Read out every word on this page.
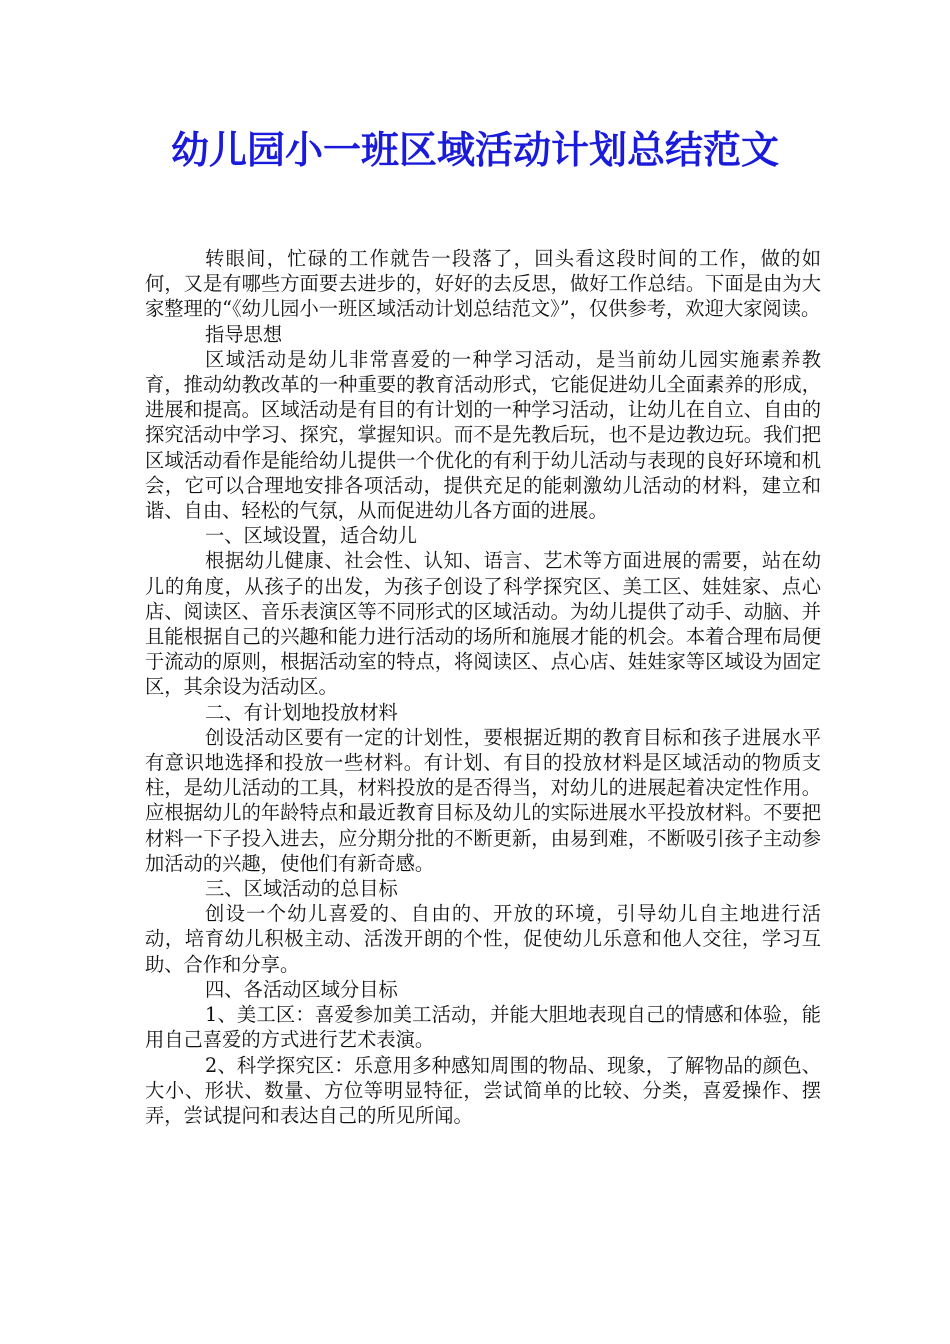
幼儿园小一班区域活动计划总结范文

转眼间，忙碌的工作就告一段落了，回头看这段时间的工作，做的如何，又是有哪些方面要去进步的，好好的去反思，做好工作总结。下面是由为大家整理的“《幼儿园小一班区域活动计划总结范文》”，仅供参考，欢迎大家阅读。

指导思想

区域活动是幼儿非常喜爱的一种学习活动，是当前幼儿园实施素养教育，推动幼教改革的一种重要的教育活动形式，它能促进幼儿全面素养的形成，进展和提高。区域活动是有目的有计划的一种学习活动，让幼儿在自立、自由的探究活动中学习、探究，掌握知识。而不是先教后玩，也不是边教边玩。我们把区域活动看作是能给幼儿提供一个优化的有利于幼儿活动与表现的良好环境和机会，它可以合理地安排各项活动，提供充足的能刺激幼儿活动的材料，建立和谐、自由、轻松的气氛，从而促进幼儿各方面的进展。

一、区域设置，适合幼儿

根据幼儿健康、社会性、认知、语言、艺术等方面进展的需要，站在幼儿的角度，从孩子的出发，为孩子创设了科学探究区、美工区、娃娃家、点心店、阅读区、音乐表演区等不同形式的区域活动。为幼儿提供了动手、动脑、并且能根据自己的兴趣和能力进行活动的场所和施展才能的机会。本着合理布局便于流动的原则，根据活动室的特点，将阅读区、点心店、娃娃家等区域设为固定区，其余设为活动区。

二、有计划地投放材料

创设活动区要有一定的计划性，要根据近期的教育目标和孩子进展水平有意识地选择和投放一些材料。有计划、有目的投放材料是区域活动的物质支柱，是幼儿活动的工具，材料投放的是否得当，对幼儿的进展起着决定性作用。应根据幼儿的年龄特点和最近教育目标及幼儿的实际进展水平投放材料。不要把材料一下子投入进去，应分期分批的不断更新，由易到难，不断吸引孩子主动参加活动的兴趣，使他们有新奇感。

三、区域活动的总目标

创设一个幼儿喜爱的、自由的、开放的环境，引导幼儿自主地进行活动，培育幼儿积极主动、活泼开朗的个性，促使幼儿乐意和他人交往，学习互助、合作和分享。

四、各活动区域分目标

1、美工区：喜爱参加美工活动，并能大胆地表现自己的情感和体验，能用自己喜爱的方式进行艺术表演。

2、科学探究区：乐意用多种感知周围的物品、现象，了解物品的颜色、大小、形状、数量、方位等明显特征，尝试简单的比较、分类，喜爱操作、摆弄，尝试提问和表达自己的所见所闻。
